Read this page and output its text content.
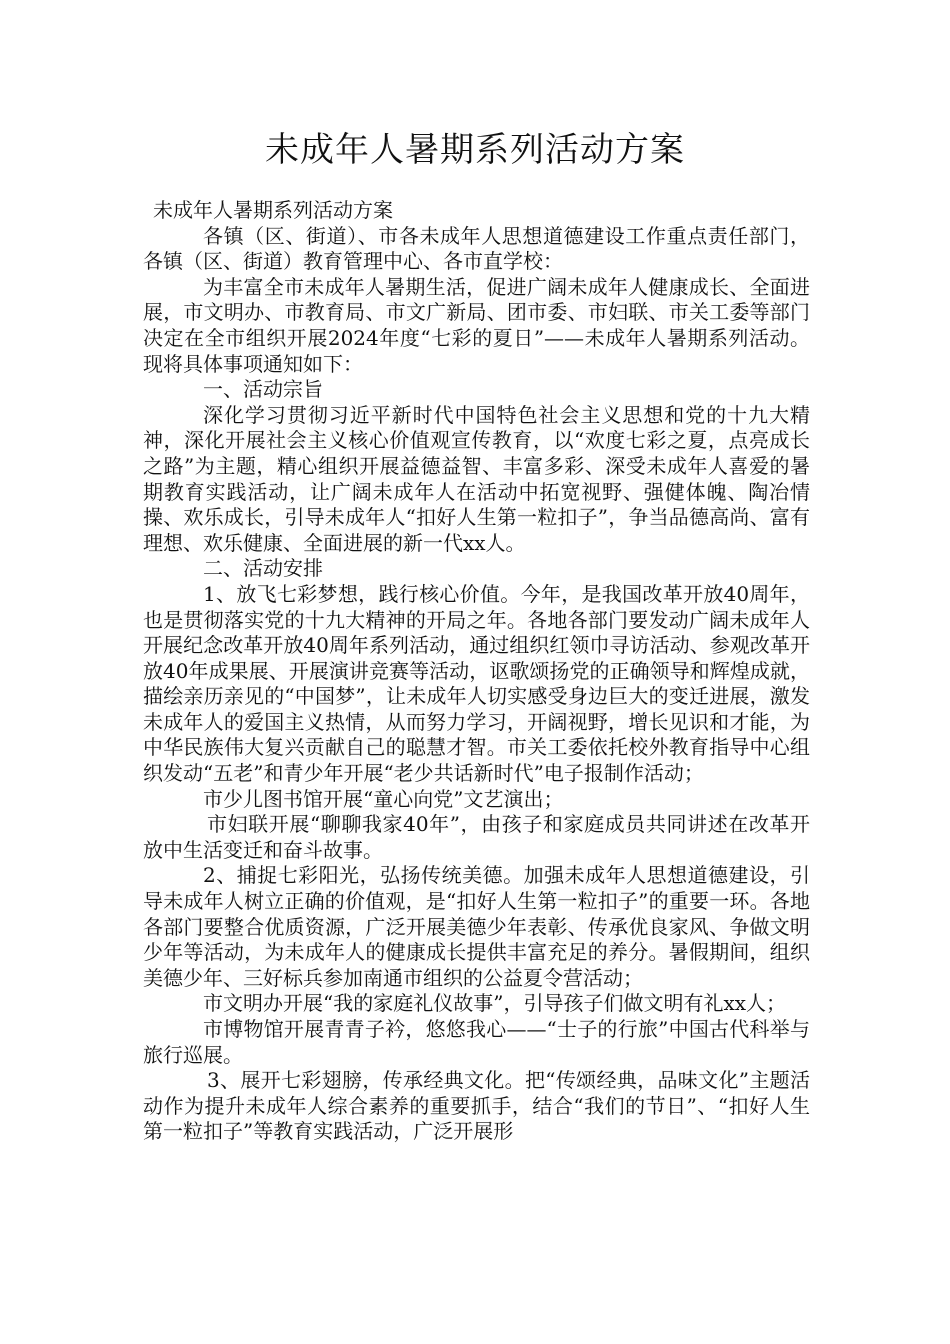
未成年人暑期系列活动方案

未成年人暑期系列活动方案

各镇（区、街道）、市各未成年人思想道德建设工作重点责任部门，各镇（区、街道）教育管理中心、各市直学校：

为丰富全市未成年人暑期生活，促进广阔未成年人健康成长、全面进展，市文明办、市教育局、市文广新局、团市委、市妇联、市关工委等部门决定在全市组织开展2024年度“七彩的夏日”——未成年人暑期系列活动。现将具体事项通知如下：

一、活动宗旨

深化学习贯彻习近平新时代中国特色社会主义思想和党的十九大精神，深化开展社会主义核心价值观宣传教育，以“欢度七彩之夏，点亮成长之路”为主题，精心组织开展益德益智、丰富多彩、深受未成年人喜爱的暑期教育实践活动，让广阔未成年人在活动中拓宽视野、强健体魄、陶冶情操、欢乐成长，引导未成年人“扣好人生第一粒扣子”，争当品德高尚、富有理想、欢乐健康、全面进展的新一代xx人。

二、活动安排

1、放飞七彩梦想，践行核心价值。今年，是我国改革开放40周年，也是贯彻落实党的十九大精神的开局之年。各地各部门要发动广阔未成年人开展纪念改革开放40周年系列活动，通过组织红领巾寻访活动、参观改革开放40年成果展、开展演讲竞赛等活动，讴歌颂扬党的正确领导和辉煌成就，描绘亲历亲见的“中国梦”，让未成年人切实感受身边巨大的变迁进展，激发未成年人的爱国主义热情，从而努力学习，开阔视野，增长见识和才能，为中华民族伟大复兴贡献自己的聪慧才智。市关工委依托校外教育指导中心组织发动“五老”和青少年开展“老少共话新时代”电子报制作活动；

市少儿图书馆开展“童心向党”文艺演出；

市妇联开展“聊聊我家40年”，由孩子和家庭成员共同讲述在改革开放中生活变迁和奋斗故事。

2、捕捉七彩阳光，弘扬传统美德。加强未成年人思想道德建设，引导未成年人树立正确的价值观，是“扣好人生第一粒扣子”的重要一环。各地各部门要整合优质资源，广泛开展美德少年表彰、传承优良家风、争做文明少年等活动，为未成年人的健康成长提供丰富充足的养分。暑假期间，组织美德少年、三好标兵参加南通市组织的公益夏令营活动；

市文明办开展“我的家庭礼仪故事”，引导孩子们做文明有礼xx人；

市博物馆开展青青子衿，悠悠我心——“士子的行旅”中国古代科举与旅行巡展。

3、展开七彩翅膀，传承经典文化。把“传颂经典，品味文化”主题活动作为提升未成年人综合素养的重要抓手，结合“我们的节日”、“扣好人生第一粒扣子”等教育实践活动，广泛开展形
